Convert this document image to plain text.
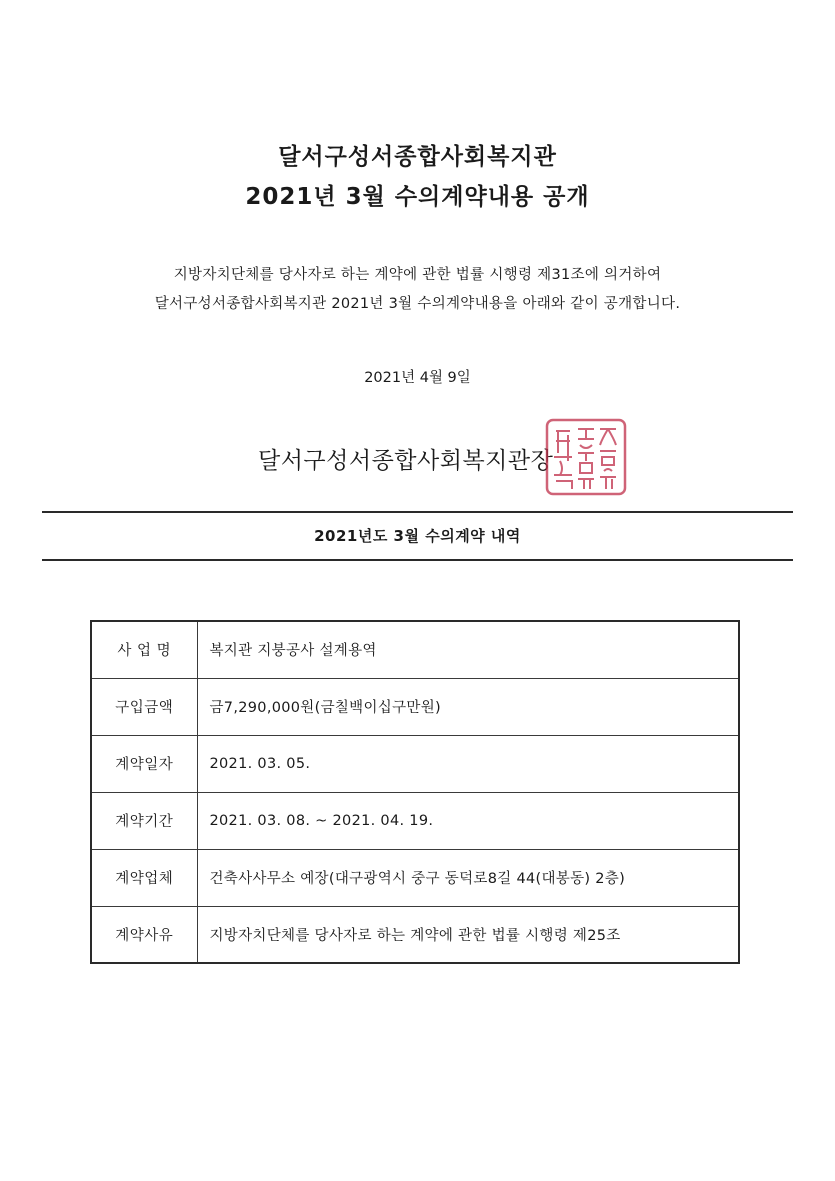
달서구성서종합사회복지관
2021년 3월 수의계약내용 공개
지방자치단체를 당사자로 하는 계약에 관한 법률 시행령 제31조에 의거하여
달서구성서종합사회복지관 2021년 3월 수의계약내용을 아래와 같이 공개합니다.
2021년 4월 9일
달서구성서종합사회복지관장
2021년도 3월 수의계약 내역
사 업 명	복지관 지붕공사 설계용역
구입금액	금7,290,000원(금칠백이십구만원)
계약일자	2021. 03. 05.
계약기간	2021. 03. 08. ~ 2021. 04. 19.
계약업체	건축사사무소 예장(대구광역시 중구 동덕로8길 44(대봉동) 2층)
계약사유	지방자치단체를 당사자로 하는 계약에 관한 법률 시행령 제25조
